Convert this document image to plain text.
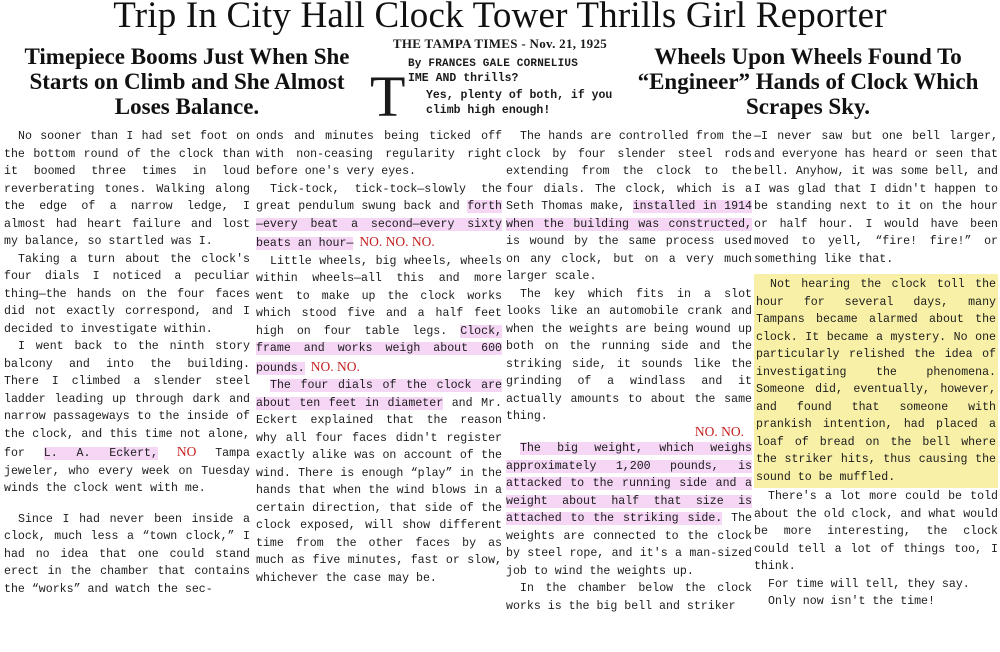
Trip In City Hall Clock Tower Thrills Girl Reporter
THE TAMPA TIMES - Nov. 21, 1925
Timepiece Booms Just When She Starts on Climb and She Almost Loses Balance.
Wheels Upon Wheels Found To “Engineer” Hands of Clock Which Scrapes Sky.
By FRANCES GALE CORNELIUS
T IME AND thrills?
Yes, plenty of both, if you climb high enough!

No sooner than I had set foot on the bottom round of the clock than it boomed three times in loud reverberating tones. Walking along the edge of a narrow ledge, I almost had heart failure and lost my balance, so startled was I.

Taking a turn about the clock's four dials I noticed a peculiar thing—the hands on the four faces did not exactly correspond, and I decided to investigate within.

I went back to the ninth story balcony and into the building. There I climbed a slender steel ladder leading up through dark and narrow passageways to the inside of the clock, and this time not alone, for L. A. Eckert, NO Tampa jeweler, who every week on Tuesday winds the clock went with me.

Since I had never been inside a clock, much less a “town clock,” I had no idea that one could stand erect in the chamber that contains the “works” and watch the sec-

onds and minutes being ticked off with non-ceasing regularity right before one's very eyes.

Tick-tock, tick-tock—slowly the great pendulum swung back and forth—every beat a second—every sixty beats an hour— NO. NO. NO.

Little wheels, big wheels, wheels within wheels—all this and more went to make up the clock works which stood five and a half feet high on four table legs. Clock, frame and works weigh about 600 pounds. NO. NO.

The four dials of the clock are about ten feet in diameter and Mr. Eckert explained that the reason why all four faces didn't register exactly alike was on account of the wind. There is enough “play” in the hands that when the wind blows in a certain direction, that side of the clock exposed, will show different time from the other faces by as much as five minutes, fast or slow, whichever the case may be.

The hands are controlled from the clock by four slender steel rods extending from the clock to the four dials. The clock, which is a Seth Thomas make, installed in 1914 when the building was constructed, is wound by the same process used on any clock, but on a very much larger scale.

The key which fits in a slot looks like an automobile crank and when the weights are being wound up both on the running side and the striking side, it sounds like the grinding of a windlass and it actually amounts to about the same thing.

NO. NO.

The big weight, which weighs approximately 1,200 pounds, is attacked to the running side and a weight about half that size is attached to the striking side. The weights are connected to the clock by steel rope, and it's a man-sized job to wind the weights up.

In the chamber below the clock works is the big bell and striker

—I never saw but one bell larger, and everyone has heard or seen that bell. Anyhow, it was some bell, and I was glad that I didn't happen to be standing next to it on the hour or half hour. I would have been moved to yell, “fire! fire!” or something like that.

Not hearing the clock toll the hour for several days, many Tampans became alarmed about the clock. It became a mystery. No one particularly relished the idea of investigating the phenomena. Someone did, eventually, however, and found that someone with prankish intention, had placed a loaf of bread on the bell where the striker hits, thus causing the sound to be muffled.

There's a lot more could be told about the old clock, and what would be more interesting, the clock could tell a lot of things too, I think.

For time will tell, they say.

Only now isn't the time!
